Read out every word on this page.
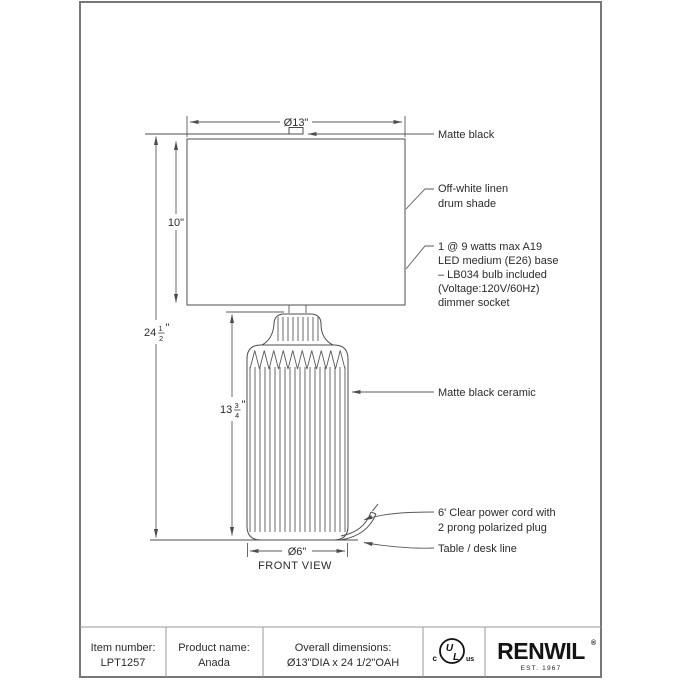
Ø13"
10"
24 1
2
"
13 3
4
"
Ø6"
FRONT VIEW
Matte black
Off-white linen
drum shade
1 @ 9 watts max A19
LED medium (E26) base
– LB034 bulb included
(Voltage:120V/60Hz)
dimmer socket
Matte black ceramic
6' Clear power cord with
2 prong polarized plug
Table / desk line
Item number:
LPT1257
Product name:
Anada
Overall dimensions:
Ø13"DIA x 24 1/2"OAH
U
L
c	us RENWIL ®
EST. 1967
